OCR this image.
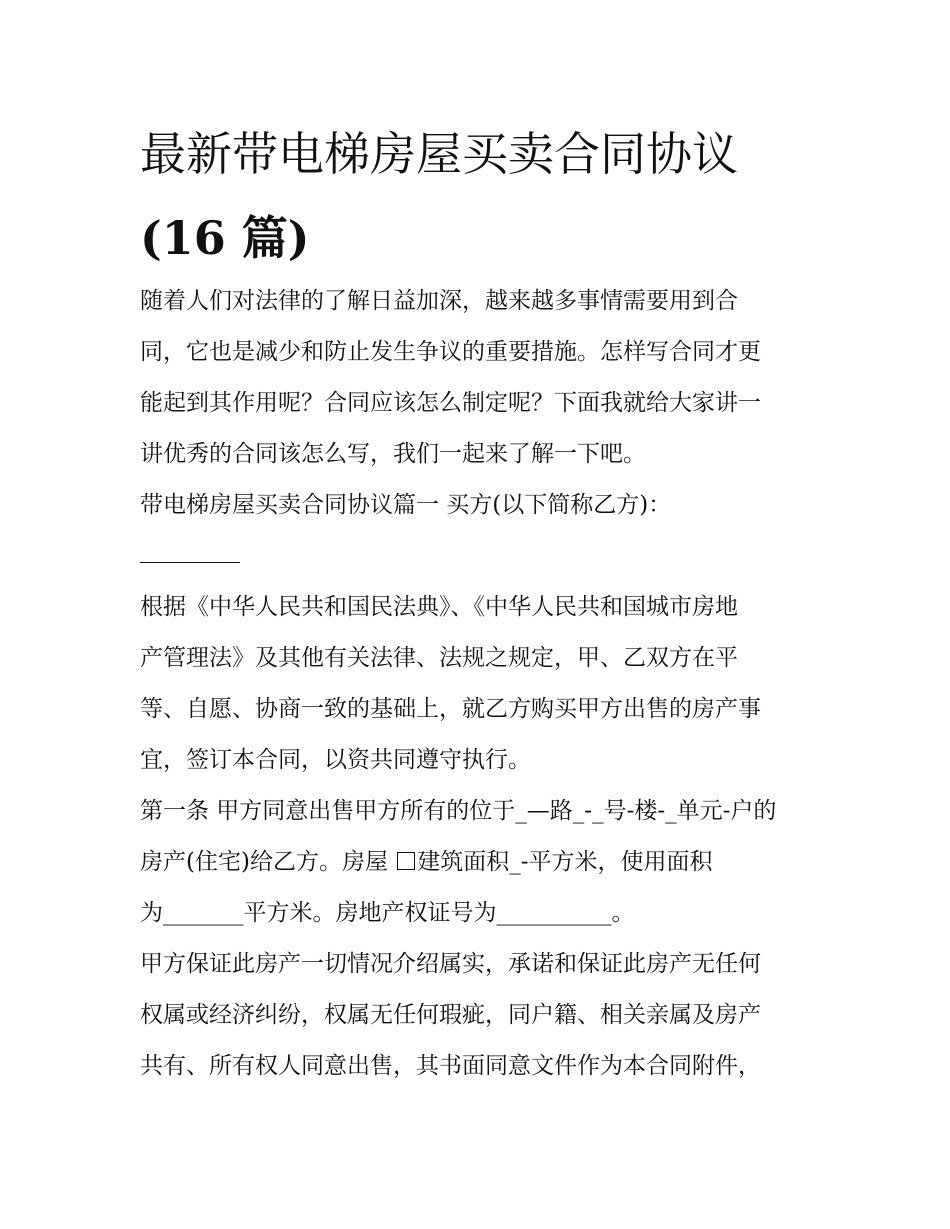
最新带电梯房屋买卖合同协议
(16 篇)

随着人们对法律的了解日益加深，越来越多事情需要用到合
同，它也是减少和防止发生争议的重要措施。怎样写合同才更
能起到其作用呢？合同应该怎么制定呢？下面我就给大家讲一
讲优秀的合同该怎么写，我们一起来了解一下吧。

带电梯房屋买卖合同协议篇一 买方(以下简称乙方)：

根据《中华人民共和国民法典》、《中华人民共和国城市房地
产管理法》及其他有关法律、法规之规定，甲、乙双方在平
等、自愿、协商一致的基础上，就乙方购买甲方出售的房产事
宜，签订本合同，以资共同遵守执行。

第一条 甲方同意出售甲方所有的位于_—路_-_号-楼-_单元-户的
房产(住宅)给乙方。房屋 建筑面积_-平方米，使用面积
为_______平方米。房地产权证号为__________。

甲方保证此房产一切情况介绍属实，承诺和保证此房产无任何
权属或经济纠纷，权属无任何瑕疵，同户籍、相关亲属及房产
共有、所有权人同意出售，其书面同意文件作为本合同附件，
